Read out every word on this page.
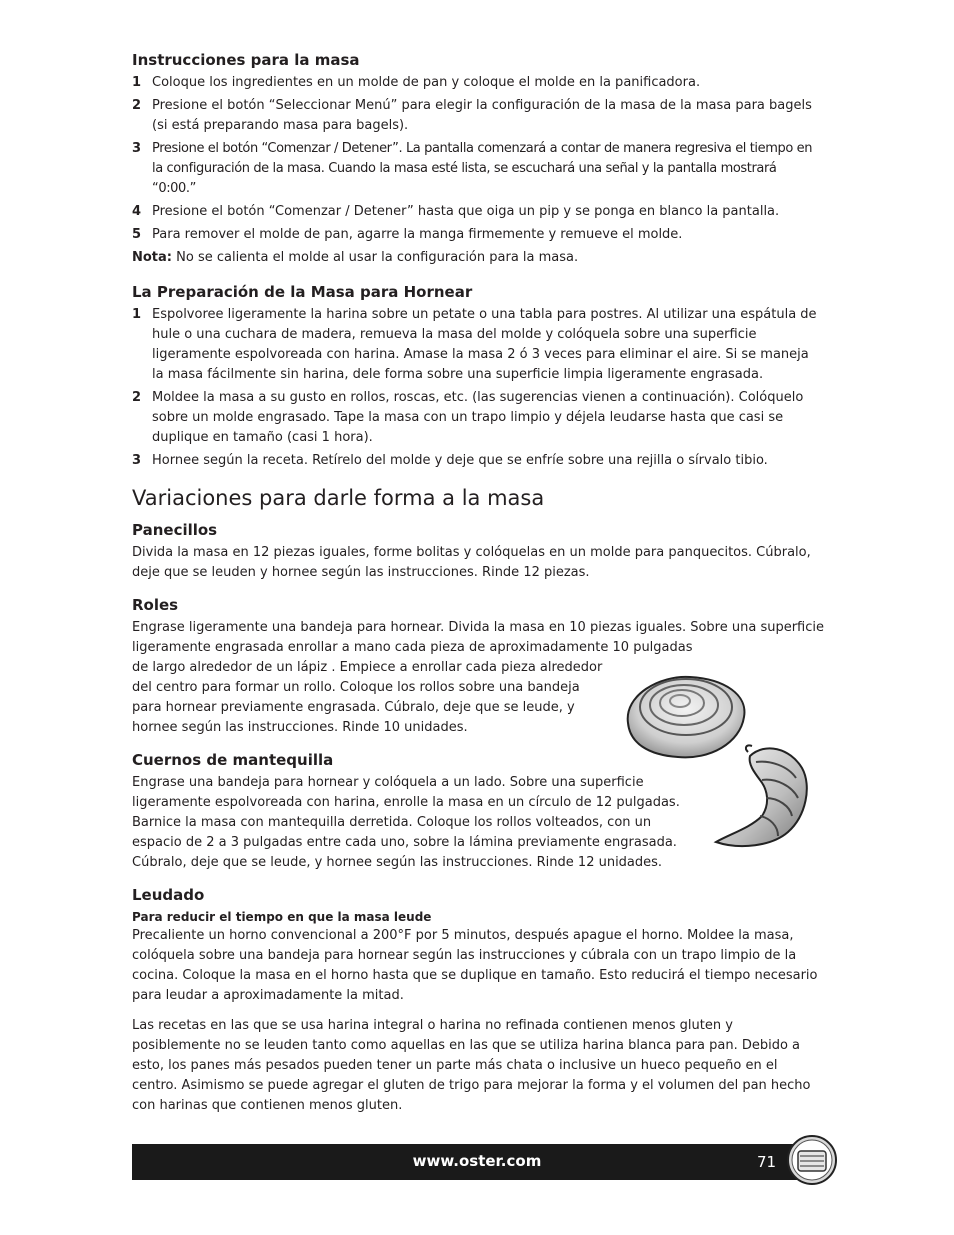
Instrucciones para la masa
1 Coloque los ingredientes en un molde de pan y coloque el molde en la panificadora.
2 Presione el botón “Seleccionar Menú” para elegir la configuración de la masa de la masa para bagels (si está preparando masa para bagels).
3 Presione el botón “Comenzar / Detener”. La pantalla comenzará a contar de manera regresiva el tiempo en la configuración de la masa. Cuando la masa esté lista, se escuchará una señal y la pantalla mostrará “0:00.”
4 Presione el botón “Comenzar / Detener” hasta que oiga un pip y se ponga en blanco la pantalla.
5 Para remover el molde de pan, agarre la manga firmemente y remueve el molde.

Nota: No se calienta el molde al usar la configuración para la masa.

La Preparación de la Masa para Hornear
1 Espolvoree ligeramente la harina sobre un petate o una tabla para postres. Al utilizar una espátula de hule o una cuchara de madera, remueva la masa del molde y colóquela sobre una superficie ligeramente espolvoreada con harina. Amase la masa 2 ó 3 veces para eliminar el aire. Si se maneja la masa fácilmente sin harina, dele forma sobre una superficie limpia ligeramente engrasada.
2 Moldee la masa a su gusto en rollos, roscas, etc. (las sugerencias vienen a continuación). Colóquelo sobre un molde engrasado. Tape la masa con un trapo limpio y déjela leudarse hasta que casi se duplique en tamaño (casi 1 hora).
3 Hornee según la receta. Retírelo del molde y deje que se enfríe sobre una rejilla o sírvalo tibio.
Variaciones para darle forma a la masa
Panecillos

Divida la masa en 12 piezas iguales, forme bolitas y colóquelas en un molde para panquecitos. Cúbralo, deje que se leuden y hornee según las instrucciones. Rinde 12 piezas.

Roles

Engrase ligeramente una bandeja para hornear. Divida la masa en 10 piezas iguales. Sobre una superficie ligeramente engrasada enrollar a mano cada pieza de aproximadamente 10 pulgadas

de largo alrededor de un lápiz . Empiece a enrollar cada pieza alrededor del centro para formar un rollo. Coloque los rollos sobre una bandeja para hornear previamente engrasada. Cúbralo, deje que se leude, y hornee según las instrucciones. Rinde 10 unidades.

Cuernos de mantequilla

Engrase una bandeja para hornear y colóquela a un lado. Sobre una superficie ligeramente espolvoreada con harina, enrolle la masa en un círculo de 12 pulgadas. Barnice la masa con mantequilla derretida. Coloque los rollos volteados, con un espacio de 2 a 3 pulgadas entre cada uno, sobre la lámina previamente engrasada. Cúbralo, deje que se leude, y hornee según las instrucciones. Rinde 12 unidades.

Leudado

Para reducir el tiempo en que la masa leude

Precaliente un horno convencional a 200°F por 5 minutos, después apague el horno. Moldee la masa, colóquela sobre una bandeja para hornear según las instrucciones y cúbrala con un trapo limpio de la cocina. Coloque la masa en el horno hasta que se duplique en tamaño. Esto reducirá el tiempo necesario para leudar a aproximadamente la mitad.

Las recetas en las que se usa harina integral o harina no refinada contienen menos gluten y posiblemente no se leuden tanto como aquellas en las que se utiliza harina blanca para pan. Debido a esto, los panes más pesados pueden tener un parte más chata o inclusive un hueco pequeño en el centro. Asimismo se puede agregar el gluten de trigo para mejorar la forma y el volumen del pan hecho con harinas que contienen menos gluten.

www.oster.com	71
